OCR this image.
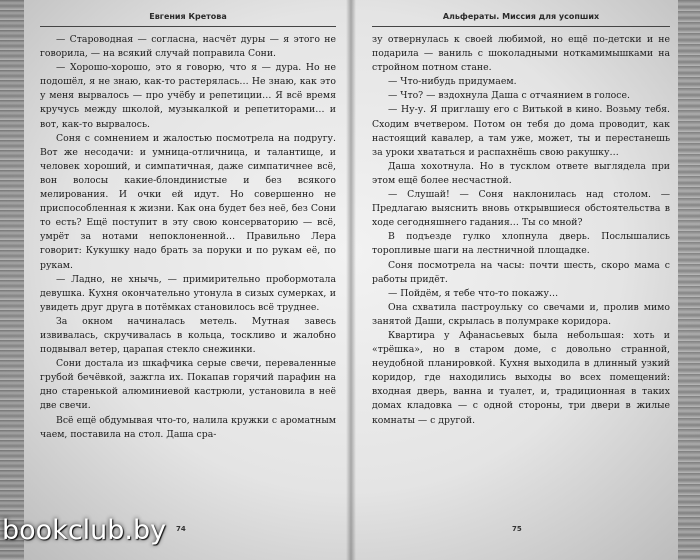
Евгения Кретова

— Староводная — согласна, насчёт дуры — я этого не говорила, — на всякий случай поправила Сони.

— Хорошо-хорошо, это я говорю, что я — дура. Но не подошёл, я не знаю, как-то растерялась… Не знаю, как это у меня вырвалось — про учёбу и репетиции… Я всё время кручусь между школой, музыкалкой и репетиторами… и вот, как-то вырвалось.

Соня с сомнением и жалостью посмотрела на подругу. Вот же несодачи: и умница-отличница, и талантище, и человек хороший, и симпатичная, даже симпатичнее всё, вон волосы какие-блондинистые и без всякого мелирования. И очки ей идут. Но совершенно не приспособленная к жизни. Как она будет без неё, без Сони то есть? Ещё поступит в эту свою консерваторию — всё, умрёт за нотами непоклоненной… Правильно Лера говорит: Кукушку надо брать за поруки и по рукам её, по рукам.

— Ладно, не хнычь, — примирительно пробормотала девушка. Кухня окончательно утонула в сизых сумерках, и увидеть друг друга в потёмках становилось всё труднее.

За окном начиналась метель. Мутная завесь извивалась, скручивалась в кольца, тоскливо и жалобно подвывал ветер, царапая стекло снежинки.

Сони достала из шкафчика серые свечи, переваленные грубой бечёвкой, зажгла их. Покапав горячий парафин на дно старенькой алюминиевой кастрюли, установила в неё две свечи.

Всё ещё обдумывая что-то, налила кружки с ароматным чаем, поставила на стол. Даша сра-

Альфераты. Миссия для усопших

зу отвернулась к своей любимой, но ещё по-детски и не подарила — ваниль с шоколадными ноткамимышками на стройном потном стане.

— Что-нибудь придумаем.

— Что? — вздохнула Даша с отчаянием в голосе.

— Ну-у. Я приглашу его с Витькой в кино. Возьму тебя. Сходим вчетвером. Потом он тебя до дома проводит, как настоящий кавалер, а там уже, может, ты и перестанешь за уроки хвататься и распахнёшь свою ракушку…

Даша хохотнула. Но в тусклом ответе выглядела при этом ещё более несчастной.

— Слушай! — Соня наклонилась над столом. — Предлагаю выяснить вновь открывшиеся обстоятельства в ходе сегодняшнего гадания… Ты со мной?

В подъезде гулко хлопнула дверь. Послышались торопливые шаги на лестничной площадке.

Соня посмотрела на часы: почти шесть, скоро мама с работы придёт.

— Пойдём, я тебе что-то покажу…

Она схватила пастроульку со свечами и, пролив мимо занятой Даши, скрылась в полумраке коридора.

Квартира у Афанасьевых была небольшая: хоть и «трёшка», но в старом доме, с довольно странной, неудобной планировкой. Кухня выходила в длинный узкий коридор, где находились выходы во всех помещений: входная дверь, ванна и туалет, и, традиционная в таких домах кладовка — с одной стороны, три двери в жилые комнаты — с другой.

74	75
bookclub.by
